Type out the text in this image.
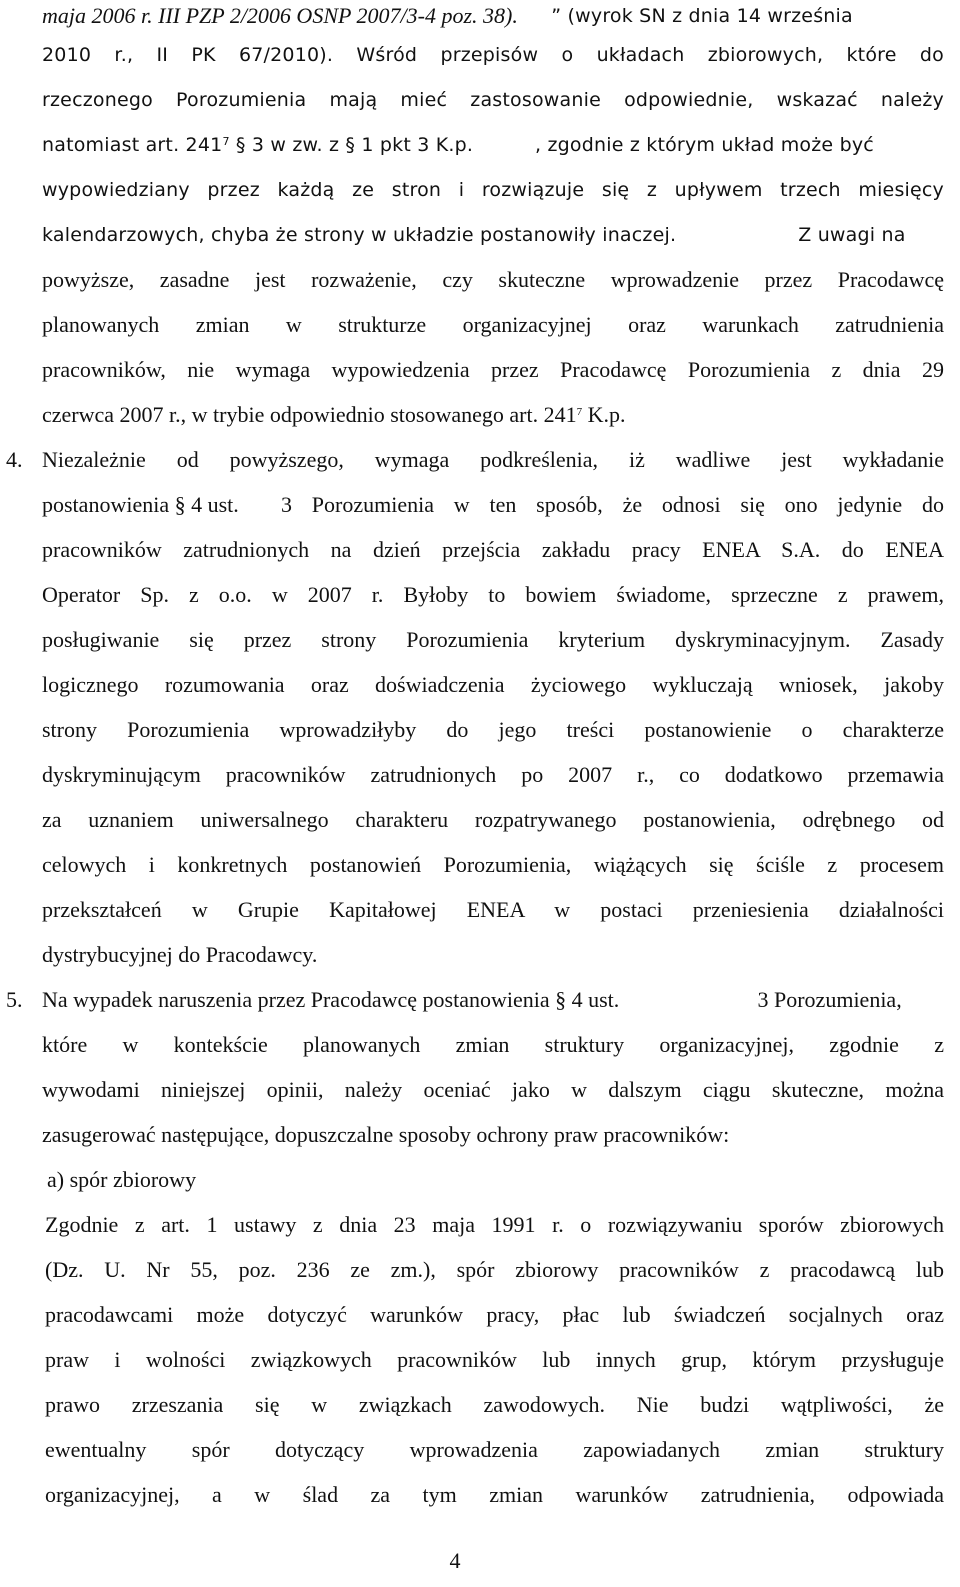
maja 2006 r. III PZP 2/2006 OSNP 2007/3-4 poz. 38). ” (wyrok SN z dnia 14 września
2010 r., II PK 67/2010). Wśród przepisów o układach zbiorowych, które do
rzeczonego Porozumienia mają mieć zastosowanie odpowiednie, wskazać należy
natomiast art. $241^7$ § 3 w zw. z § 1 pkt 3 K.p.	, zgodnie z którym układ może być
wypowiedziany przez każdą ze stron i rozwiązuje się z upływem trzech miesięcy
kalendarzowych, chyba że strony w układzie postanowiły inaczej.	Z uwagi na
powyższe, zasadne jest rozważenie, czy skuteczne wprowadzenie przez Pracodawcę
planowanych zmian w strukturze organizacyjnej oraz warunkach zatrudnienia
pracowników, nie wymaga wypowiedzenia przez Pracodawcę Porozumienia z dnia 29
czerwca 2007 r., w trybie odpowiednio stosowanego art. $241^7$ K.p.
4. Niezależnie od powyższego, wymaga podkreślenia, iż wadliwe jest wykładanie
postanowienia § 4 ust. 3 Porozumienia w ten sposób, że odnosi się ono jedynie do
pracowników zatrudnionych na dzień przejścia zakładu pracy ENEA S.A. do ENEA
Operator Sp. z o.o. w 2007 r. Byłoby to bowiem świadome, sprzeczne z prawem,
posługiwanie się przez strony Porozumienia kryterium dyskryminacyjnym. Zasady
logicznego rozumowania oraz doświadczenia życiowego wykluczają wniosek, jakoby
strony Porozumienia wprowadziłyby do jego treści postanowienie o charakterze
dyskryminującym pracowników zatrudnionych po 2007 r., co dodatkowo przemawia
za uznaniem uniwersalnego charakteru rozpatrywanego postanowienia, odrębnego od
celowych i konkretnych postanowień Porozumienia, wiążących się ściśle z procesem
przekształceń w Grupie Kapitałowej ENEA w postaci przeniesienia działalności
dystrybucyjnej do Pracodawcy.
5. Na wypadek naruszenia przez Pracodawcę postanowienia § 4 ust.	3 Porozumienia,
które w kontekście planowanych zmian struktury organizacyjnej, zgodnie z
wywodami niniejszej opinii, należy oceniać jako w dalszym ciągu skuteczne, można
zasugerować następujące, dopuszczalne sposoby ochrony praw pracowników:
a) spór zbiorowy
Zgodnie z art. 1 ustawy z dnia 23 maja 1991 r. o rozwiązywaniu sporów zbiorowych
(Dz. U. Nr 55, poz. 236 ze zm.), spór zbiorowy pracowników z pracodawcą lub
pracodawcami może dotyczyć warunków pracy, płac lub świadczeń socjalnych oraz
praw i wolności związkowych pracowników lub innych grup, którym przysługuje
prawo zrzeszania się w związkach zawodowych. Nie budzi wątpliwości, że
ewentualny spór dotyczący wprowadzenia zapowiadanych zmian struktury
organizacyjnej, a w ślad za tym zmian warunków zatrudnienia, odpowiada
4
